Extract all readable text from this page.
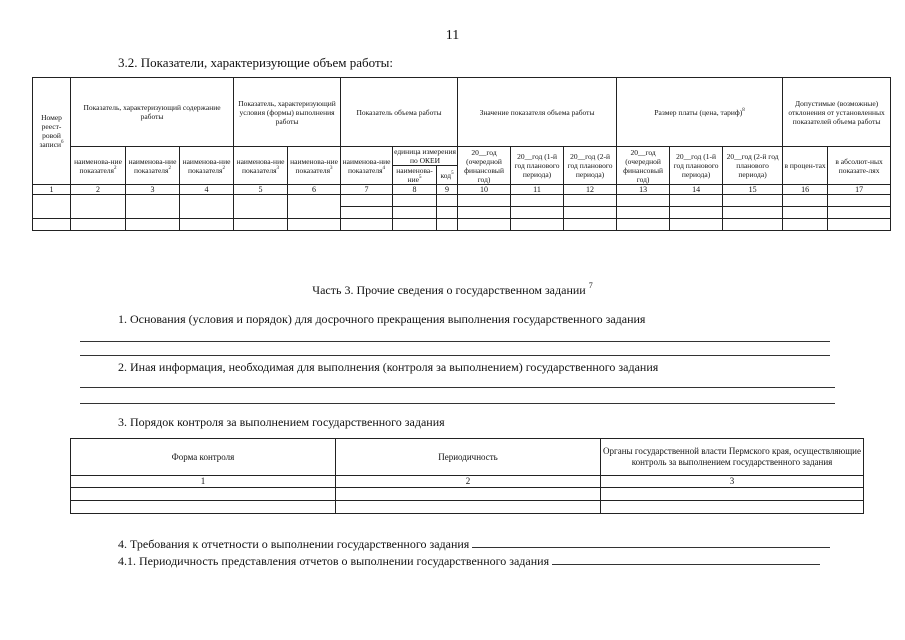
11
3.2. Показатели, характеризующие объем работы:
Номер реест-ровой записи$^6$	Показатель, характеризующий содержание работы			Показатель, характеризующий условия (формы) выполнения работы		Показатель объема работы			Значение показателя объема работы			Размер платы (цена, тариф)$^8$			Допустимые (возможные) отклонения от установленных показателей объема работы	
	наименова-ние показателя$^2$	наименова-ние показателя$^2$	наименова-ние показателя$^2$	наименова-ние показателя$^3$	наименова-ние показателя$^3$	наименова-ние показателя$^4$	единица измерения по ОКЕИ		20__год (очередной финансовый год)	20__год (1-й год планового периода)	20__год (2-й год планового периода)	20__год (очередной финансовый год)	20__год (1-й год планового периода)	20__год (2-й год планового периода)	в процен-тах	в абсолют-ных показате-лях
							наименова-ние$^5$	код$^5$
1	2	3	4	5	6	7	8	9	10	11	12	13	14	15	16	17

Часть 3. Прочие сведения о государственном задании $^7$
1. Основания (условия и порядок) для досрочного прекращения выполнения государственного задания
2. Иная информация, необходимая для выполнения (контроля за выполнением) государственного задания
3. Порядок контроля за выполнением государственного задания
Форма контроля	Периодичность	Органы государственной власти Пермского края, осуществляющие контроль за выполнением государственного задания
1	2	3

4. Требования к отчетности о выполнении государственного задания
4.1. Периодичность представления отчетов о выполнении государственного задания
